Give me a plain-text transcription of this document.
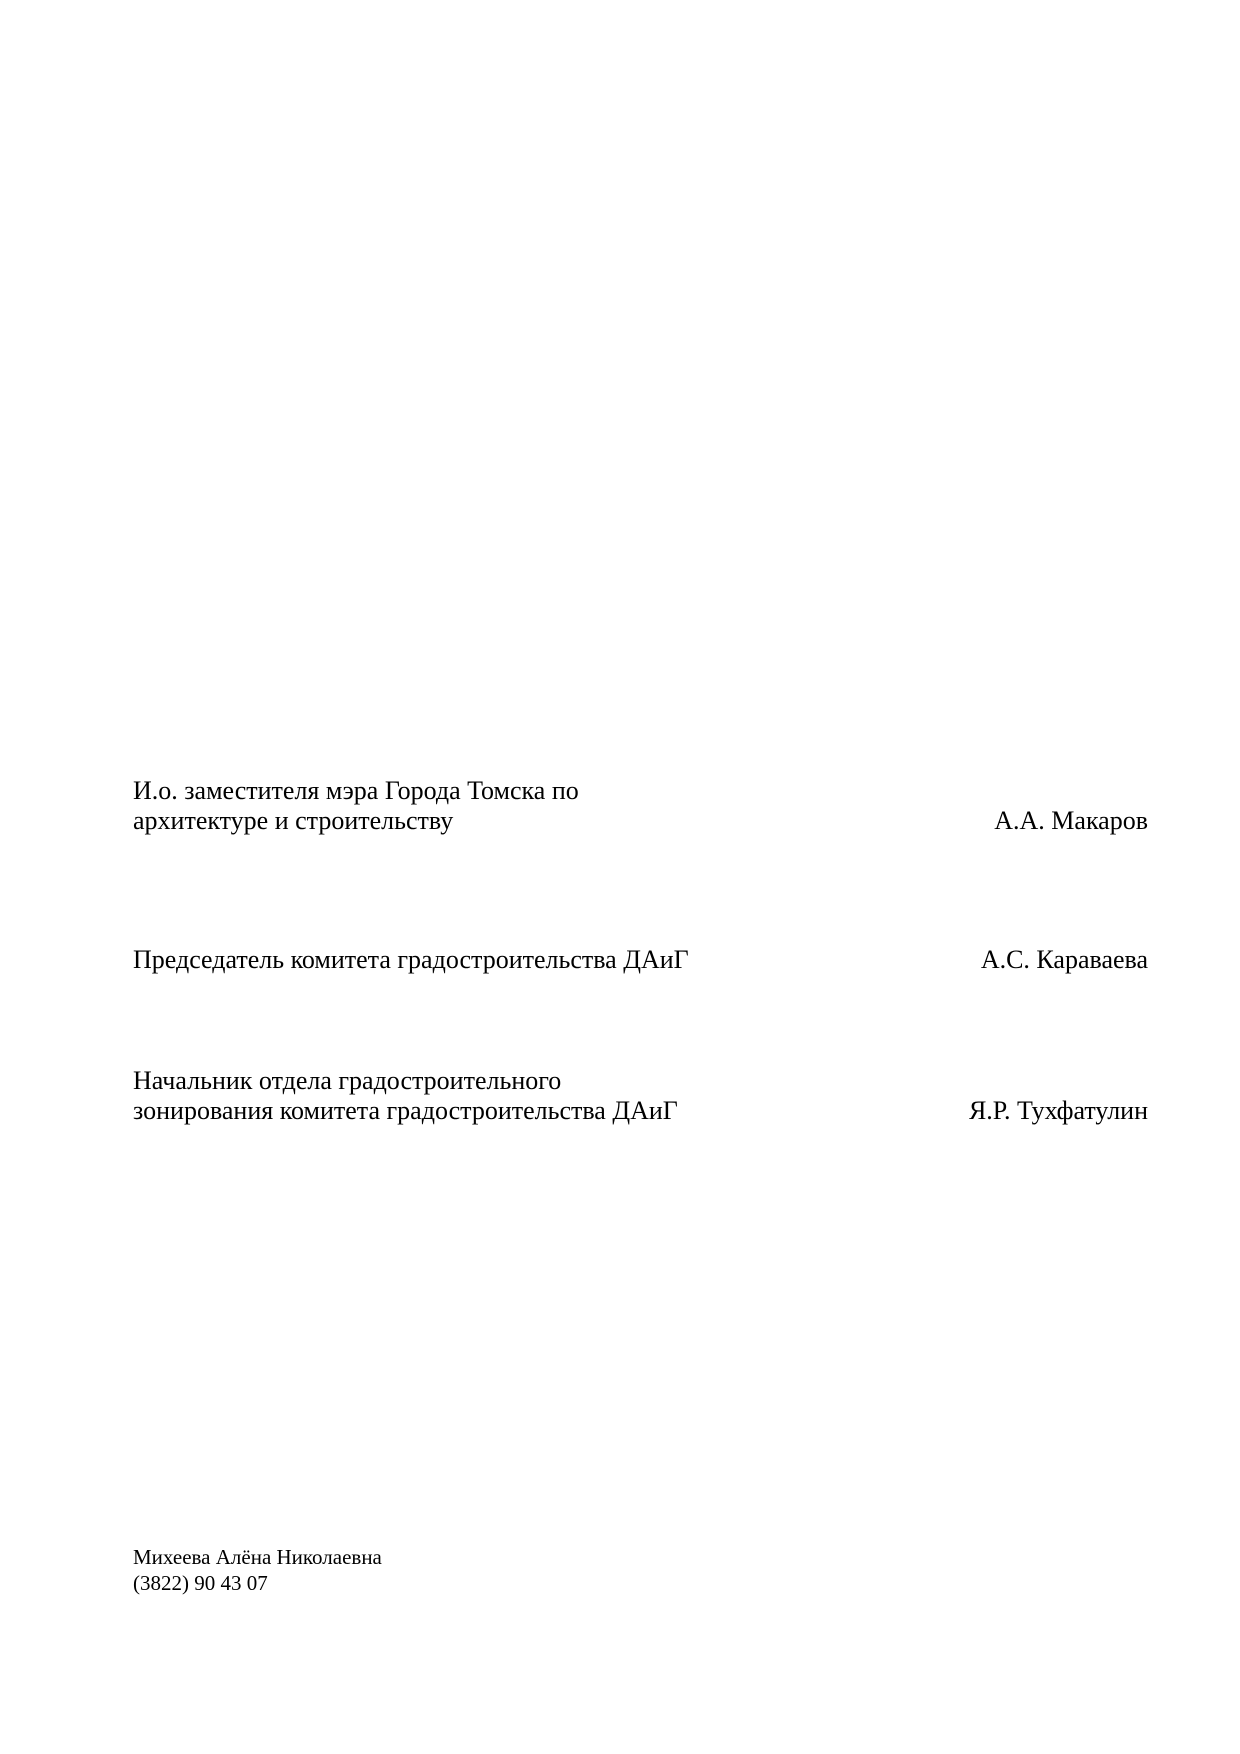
И.о. заместителя мэра Города Томска по
архитектуре и строительству	А.А. Макаров
Председатель комитета градостроительства ДАиГ	А.С. Караваева
Начальник отдела градостроительного
зонирования комитета градостроительства ДАиГ	Я.Р. Тухфатулин
Михеева Алёна Николаевна
(3822) 90 43 07
